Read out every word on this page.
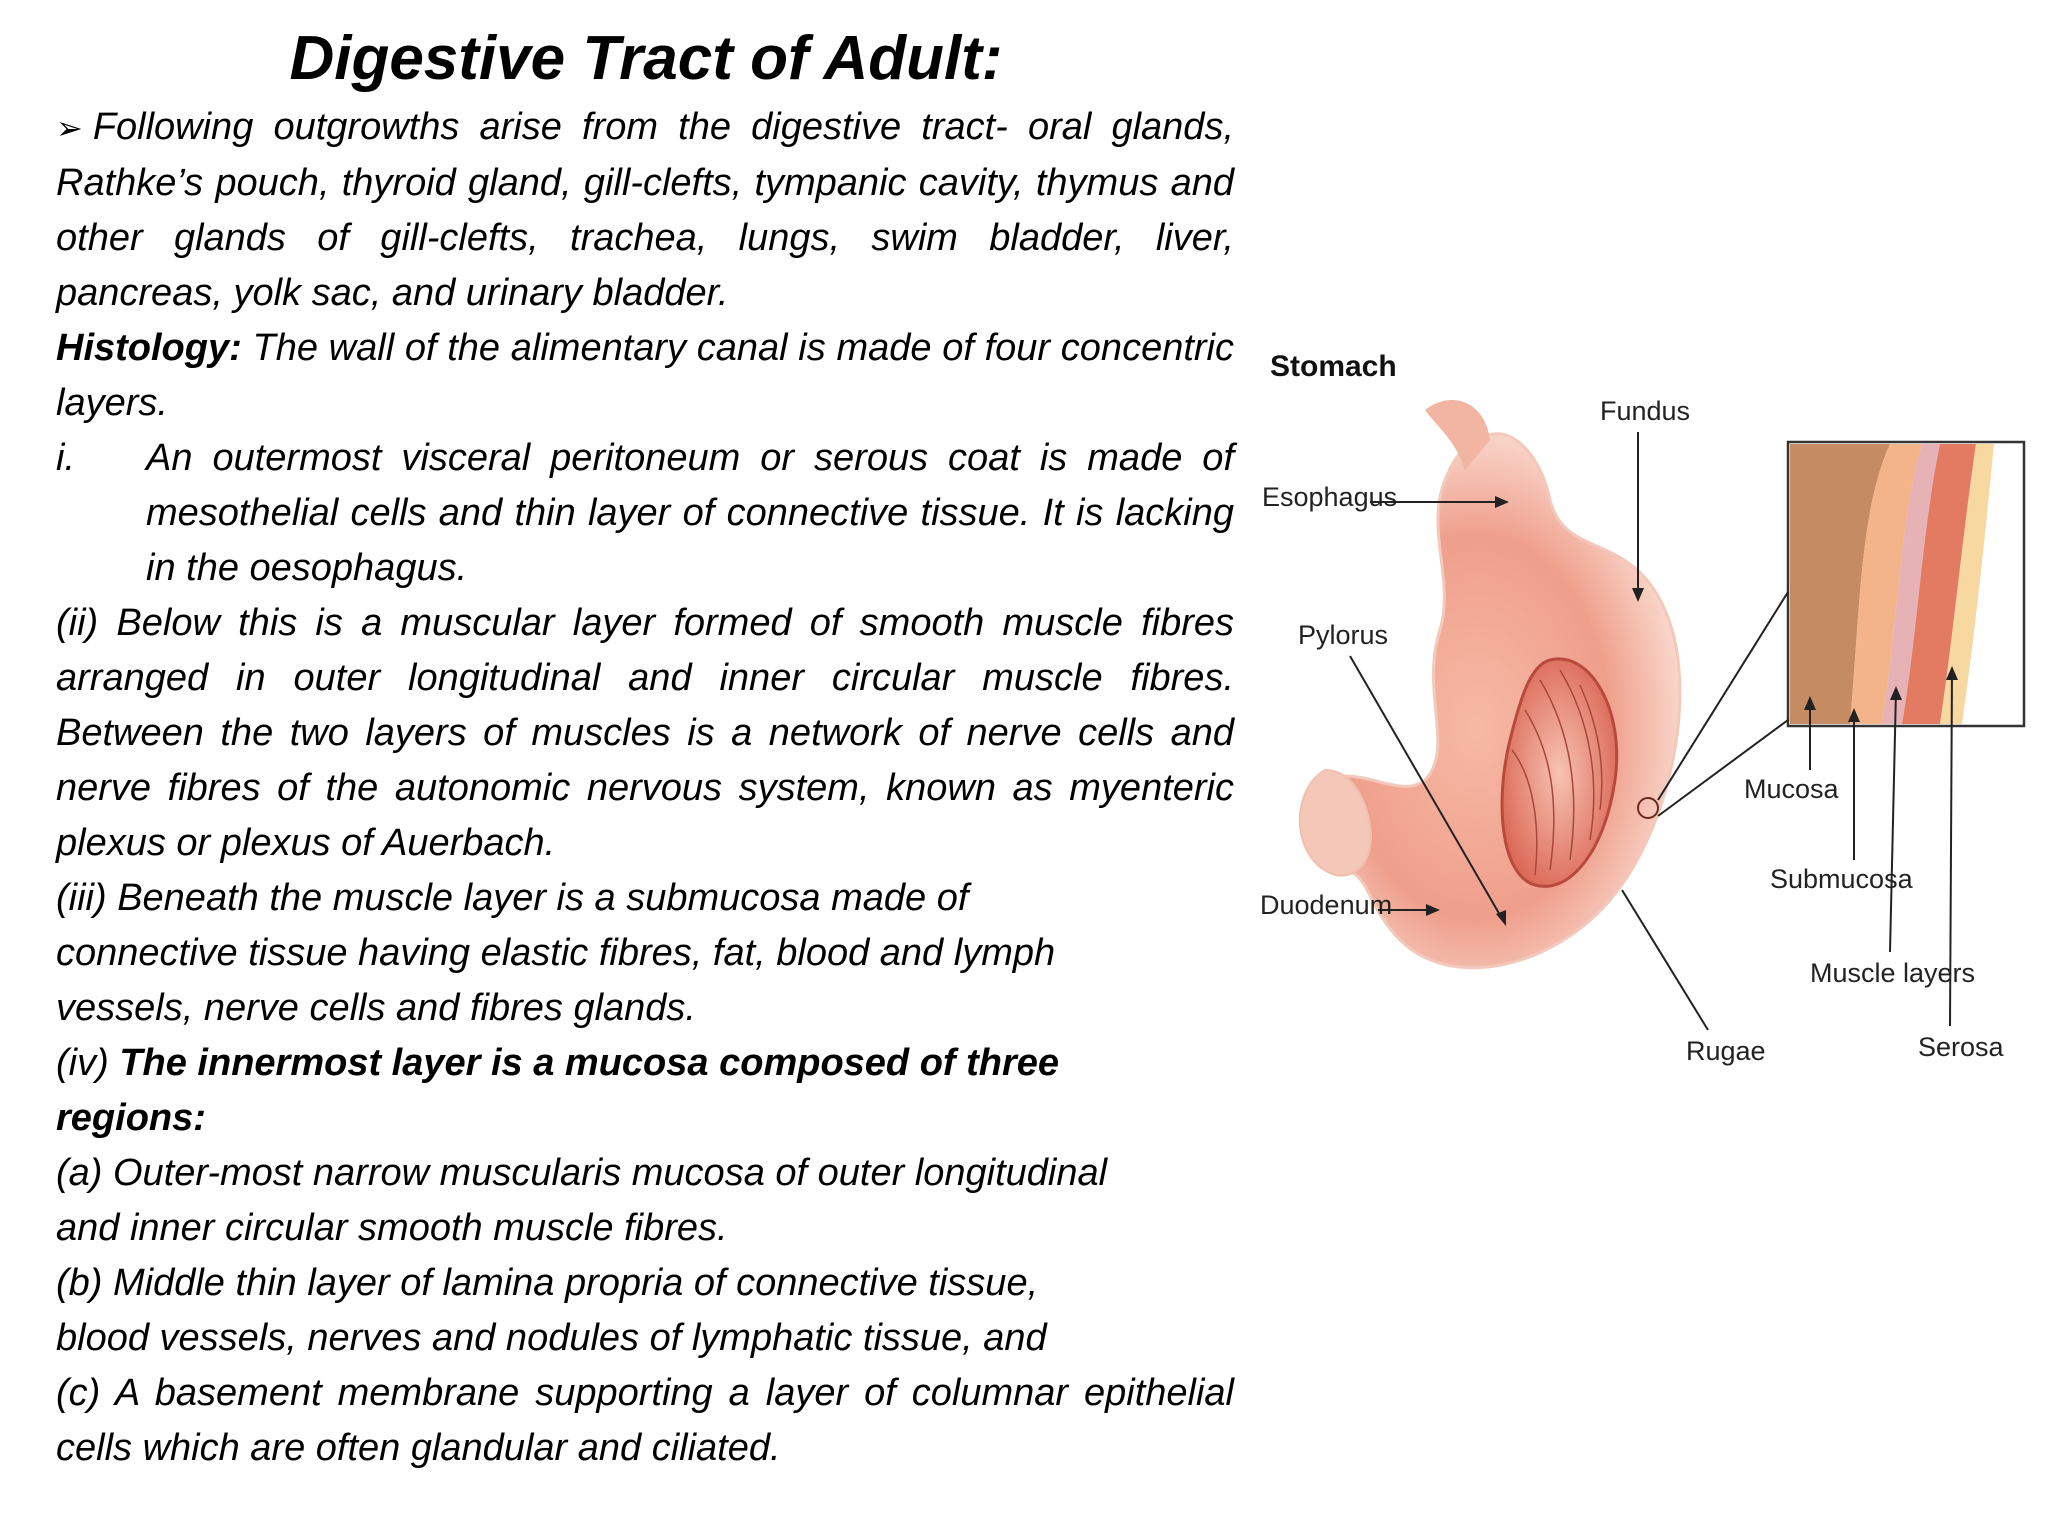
Digestive Tract of Adult:

➢ Following outgrowths arise from the digestive tract- oral glands, Rathke’s pouch, thyroid gland, gill-clefts, tympanic cavity, thymus and other glands of gill-clefts, trachea, lungs, swim bladder, liver, pancreas, yolk sac, and urinary bladder.

Histology: The wall of the alimentary canal is made of four concentric layers.

i.	An outermost visceral peritoneum or serous coat is made of mesothelial cells and thin layer of connective tissue. It is lacking in the oesophagus.

(ii) Below this is a muscular layer formed of smooth muscle fibres arranged in outer longitudinal and inner circular muscle fibres. Between the two layers of muscles is a network of nerve cells and nerve fibres of the autonomic nervous system, known as myenteric plexus or plexus of Auerbach.

(iii) Beneath the muscle layer is a submucosa made of
connective tissue having elastic fibres, fat, blood and lymph
vessels, nerve cells and fibres glands.

(iv) The innermost layer is a mucosa composed of three
regions:

(a) Outer-most narrow muscularis mucosa of outer longitudinal
and inner circular smooth muscle fibres.

(b) Middle thin layer of lamina propria of connective tissue,
blood vessels, nerves and nodules of lymphatic tissue, and

(c) A basement membrane supporting a layer of columnar epithelial cells which are often glandular and ciliated.

Stomach
Fundus
Esophagus
Pylorus
Duodenum
Rugae
Mucosa
Submucosa
Muscle layers
Serosa
